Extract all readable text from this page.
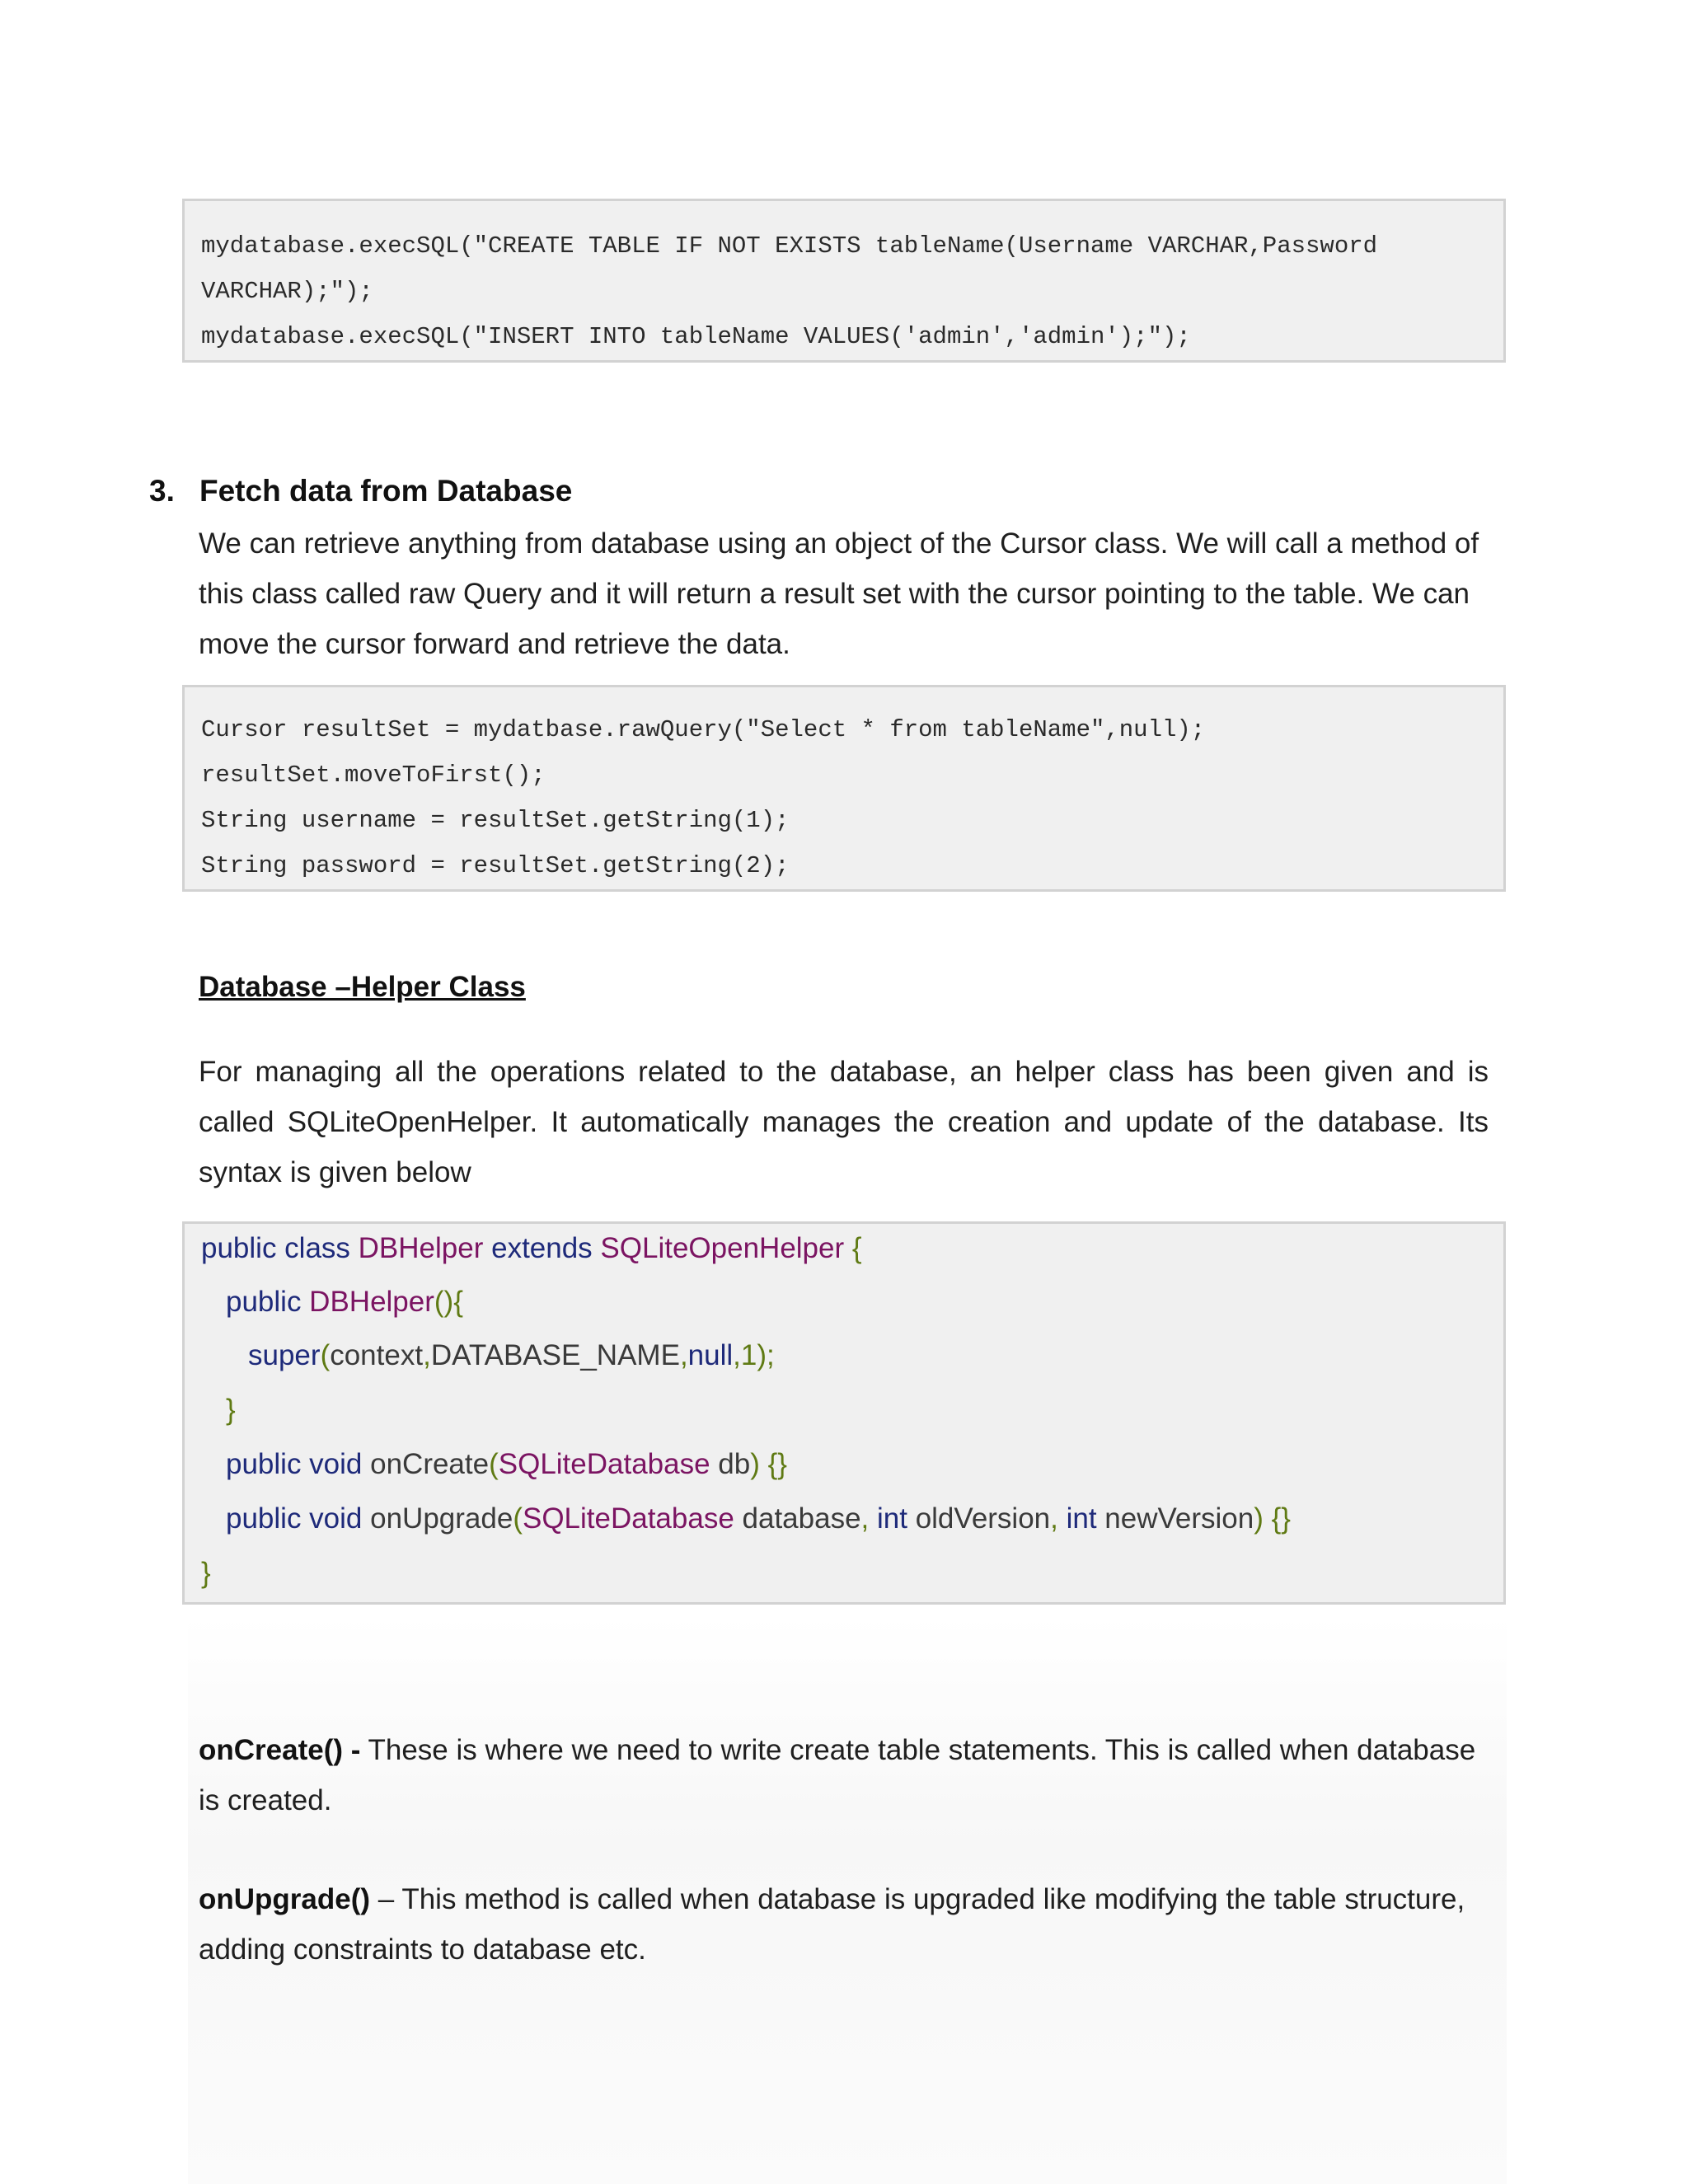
mydatabase.execSQL("CREATE TABLE IF NOT EXISTS tableName(Username VARCHAR,Password

VARCHAR);");

mydatabase.execSQL("INSERT INTO tableName VALUES('admin','admin');");

3. Fetch data from Database
We can retrieve anything from database using an object of the Cursor class. We will call a method of this class called raw Query and it will return a result set with the cursor pointing to the table. We can move the cursor forward and retrieve the data.

Cursor resultSet = mydatbase.rawQuery("Select * from tableName",null);

resultSet.moveToFirst();

String username = resultSet.getString(1);

String password = resultSet.getString(2);

Database –Helper Class
For managing all the operations related to the database, an helper class has been given and is called SQLiteOpenHelper. It automatically manages the creation and update of the database. Its syntax is given below
public class DBHelper extends SQLiteOpenHelper {
public DBHelper(){
super(context,DATABASE_NAME,null,1);
}
public void onCreate(SQLiteDatabase db) {}
public void onUpgrade(SQLiteDatabase database, int oldVersion, int newVersion) {}
}
onCreate() - These is where we need to write create table statements. This is called when database is created.
onUpgrade() – This method is called when database is upgraded like modifying the table structure, adding constraints to database etc.
